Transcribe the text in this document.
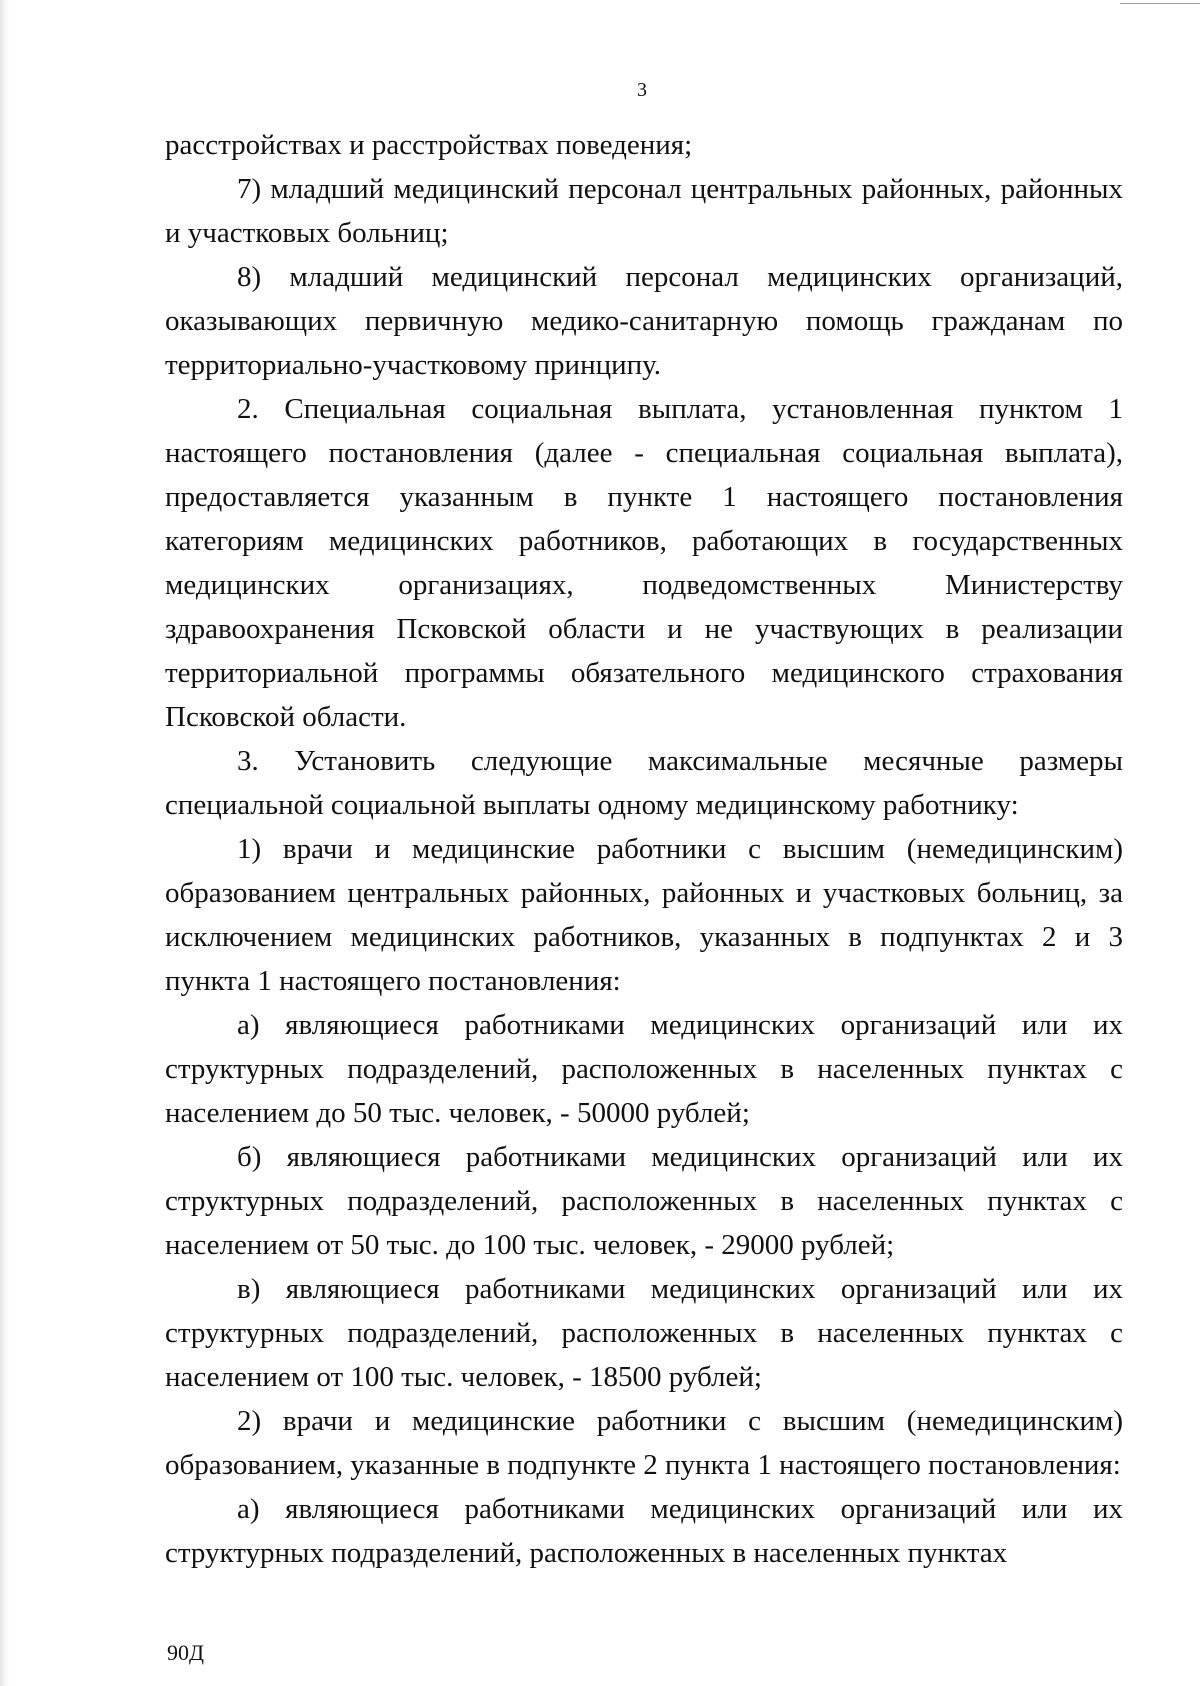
3

расстройствах и расстройствах поведения;

7) младший медицинский персонал центральных районных, районных и участковых больниц;

8) младший медицинский персонал медицинских организаций, оказывающих первичную медико-санитарную помощь гражданам по территориально-участковому принципу.

2. Специальная социальная выплата, установленная пунктом 1 настоящего постановления (далее - специальная социальная выплата), предоставляется указанным в пункте 1 настоящего постановления категориям медицинских работников, работающих в государственных медицинских организациях, подведомственных Министерству здравоохранения Псковской области и не участвующих в реализации территориальной программы обязательного медицинского страхования Псковской области.

3. Установить следующие максимальные месячные размеры специальной социальной выплаты одному медицинскому работнику:

1) врачи и медицинские работники с высшим (немедицинским) образованием центральных районных, районных и участковых больниц, за исключением медицинских работников, указанных в подпунктах 2 и 3 пункта 1 настоящего постановления:

а) являющиеся работниками медицинских организаций или их структурных подразделений, расположенных в населенных пунктах с населением до 50 тыс. человек, - 50000 рублей;

б) являющиеся работниками медицинских организаций или их структурных подразделений, расположенных в населенных пунктах с населением от 50 тыс. до 100 тыс. человек, - 29000 рублей;

в) являющиеся работниками медицинских организаций или их структурных подразделений, расположенных в населенных пунктах с населением от 100 тыс. человек, - 18500 рублей;

2) врачи и медицинские работники с высшим (немедицинским) образованием, указанные в подпункте 2 пункта 1 настоящего постановления:

а) являющиеся работниками медицинских организаций или их структурных подразделений, расположенных в населенных пунктах

90Д
